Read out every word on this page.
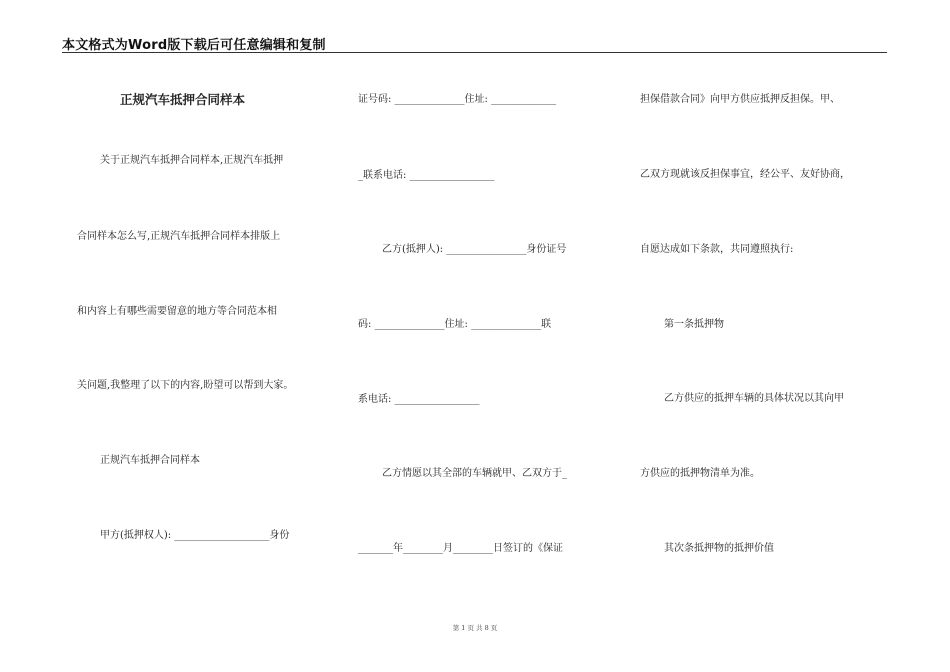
本文格式为Word版下载后可任意编辑和复制
正规汽车抵押合同样本
关于正规汽车抵押合同样本,正规汽车抵押
合同样本怎么写,正规汽车抵押合同样本排版上
和内容上有哪些需要留意的地方等合同范本相
关问题,我整理了以下的内容,盼望可以帮到大家。
正规汽车抵押合同样本
甲方(抵押权人): ___________________身份
证号码: ______________住址: _____________
_联系电话: _________________
乙方(抵押人): ________________身份证号
码: ______________住址: ______________联
系电话: _________________
乙方情愿以其全部的车辆就甲、乙双方于_
_______年________月________日签订的《保证
担保借款合同》向甲方供应抵押反担保。甲、
乙双方现就该反担保事宜，经公平、友好协商，
自愿达成如下条款，共同遵照执行:
第一条抵押物
乙方供应的抵押车辆的具体状况以其向甲
方供应的抵押物清单为准。
其次条抵押物的抵押价值
第 1 页 共 8 页
